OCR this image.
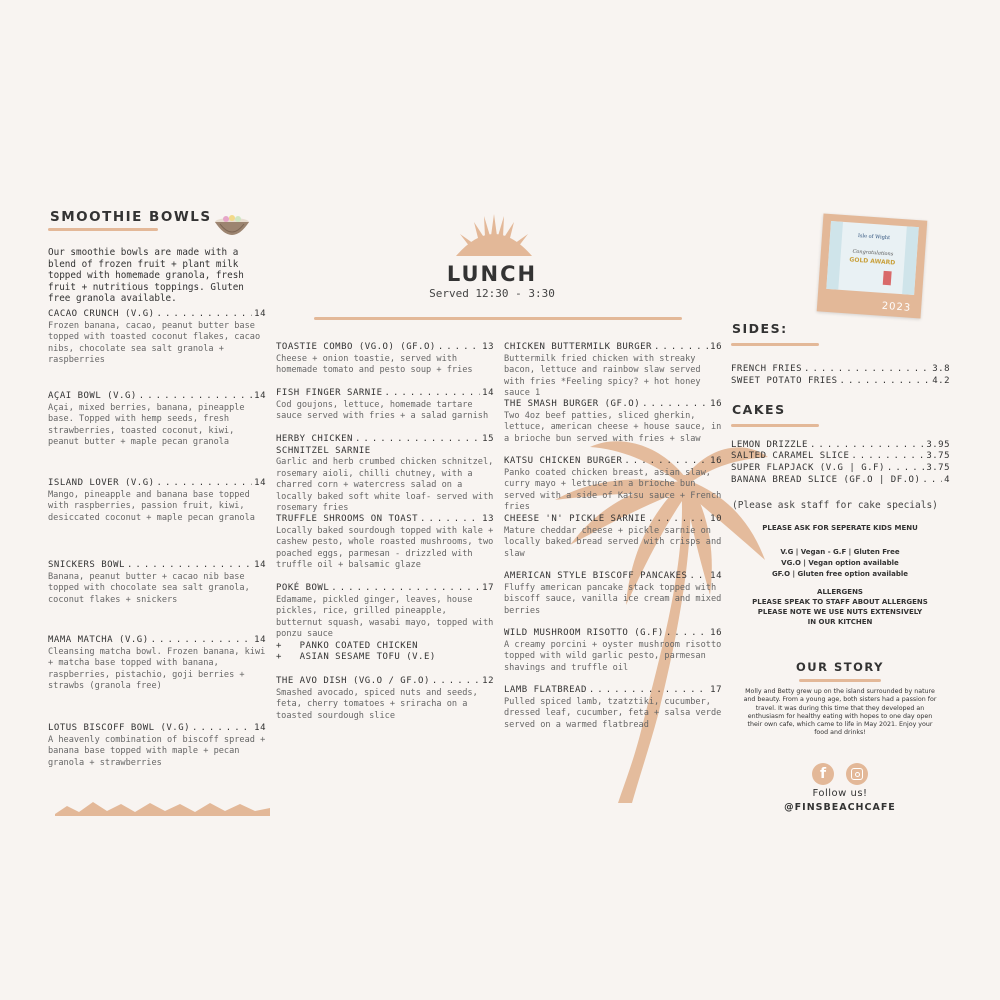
SMOOTHIE BOWLS
Our smoothie bowls are made with a blend of frozen fruit + plant milk topped with homemade granola, fresh fruit + nutritious toppings. Gluten free granola available.
CACAO CRUNCH (V.G) . . .	14
Frozen banana, cacao, peanut butter base topped with toasted coconut flakes, cacao nibs, chocolate sea salt granola + raspberries
AÇAI BOWL (V.G) . . .	14
Açai, mixed berries, banana, pineapple base. Topped with hemp seeds, fresh strawberries, toasted coconut, kiwi, peanut butter + maple pecan granola
ISLAND LOVER (V.G) . . .	14
Mango, pineapple and banana base topped with raspberries, passion fruit, kiwi, desiccated coconut + maple pecan granola
SNICKERS BOWL . . .	14
Banana, peanut butter + cacao nib base topped with chocolate sea salt granola, coconut flakes + snickers
MAMA MATCHA (V.G) . . .	14
Cleansing matcha bowl. Frozen banana, kiwi + matcha base topped with banana, raspberries, pistachio, goji berries + strawbs (granola free)
LOTUS BISCOFF BOWL (V.G) . . .	14
A heavenly combination of biscoff spread + banana base topped with maple + pecan granola + strawberries
LUNCH
Served 12:30 - 3:30
TOASTIE COMBO (VG.O) (GF.O) . . .	13
Cheese + onion toastie, served with homemade tomato and pesto soup + fries
FISH FINGER SARNIE . . .	14
Cod goujons, lettuce, homemade tartare sauce served with fries + a salad garnish
HERBY CHICKEN . . .	15
SCHNITZEL SARNIE
Garlic and herb crumbed chicken schnitzel, rosemary aioli, chilli chutney, with a charred corn + watercress salad on a locally baked soft white loaf- served with rosemary fries
TRUFFLE SHROOMS ON TOAST . . .	13
Locally baked sourdough topped with kale + cashew pesto, whole roasted mushrooms, two poached eggs, parmesan - drizzled with truffle oil + balsamic glaze
POKÉ BOWL . . .	17
Edamame, pickled ginger, leaves, house pickles, rice, grilled pineapple, butternut squash, wasabi mayo, topped with ponzu sauce
+   PANKO COATED CHICKEN
+   ASIAN SESAME TOFU (V.E)
THE AVO DISH (VG.O / GF.O) . . .	12
Smashed avocado, spiced nuts and seeds, feta, cherry tomatoes + sriracha on a toasted sourdough slice
CHICKEN BUTTERMILK BURGER . . .	16
Buttermilk fried chicken with streaky bacon, lettuce and rainbow slaw served with fries *Feeling spicy? + hot honey sauce 1
THE SMASH BURGER (GF.O) . . .	16
Two 4oz beef patties, sliced gherkin, lettuce, american cheese + house sauce, in a brioche bun served with fries + slaw
KATSU CHICKEN BURGER . . .	16
Panko coated chicken breast, asian slaw, curry mayo + lettuce in a brioche bun served with a side of Katsu sauce + French fries
CHEESE 'N' PICKLE SARNIE . . .	10
Mature cheddar cheese + pickle sarnie on locally baked bread served with crisps and slaw
AMERICAN STYLE BISCOFF PANCAKES . . .	14
Fluffy american pancake stack topped with biscoff sauce, vanilla ice cream and mixed berries
WILD MUSHROOM RISOTTO (G.F) . . .	16
A creamy porcini + oyster mushroom risotto topped with wild garlic pesto, parmesan shavings and truffle oil
LAMB FLATBREAD . . .	17
Pulled spiced lamb, tzatztiki, cucumber, dressed leaf, cucumber, feta + salsa verde served on a warmed flatbread
Isle of Wight
Congratulations
GOLD AWARD
2023
SIDES:
FRENCH FRIES . . .	3.8
SWEET POTATO FRIES . . .	4.2
CAKES
LEMON DRIZZLE . . .	3.95
SALTED CARAMEL SLICE . . .	3.75
SUPER FLAPJACK (V.G | G.F) . . .	3.75
BANANA BREAD SLICE (GF.O | DF.O) . . .	4
(Please ask staff for cake specials)
PLEASE ASK FOR SEPERATE KIDS MENU
V.G | Vegan - G.F | Gluten Free
VG.O | Vegan option available
GF.O | Gluten free option available
ALLERGENS
PLEASE SPEAK TO STAFF ABOUT ALLERGENS
PLEASE NOTE WE USE NUTS EXTENSIVELY
IN OUR KITCHEN
OUR STORY
Molly and Betty grew up on the island surrounded by nature and beauty. From a young age, both sisters had a passion for travel. It was during this time that they developed an enthusiasm for healthy eating with hopes to one day open their own cafe, which came to life in May 2021. Enjoy your food and drinks!
f
Follow us!
@FINSBEACHCAFE
